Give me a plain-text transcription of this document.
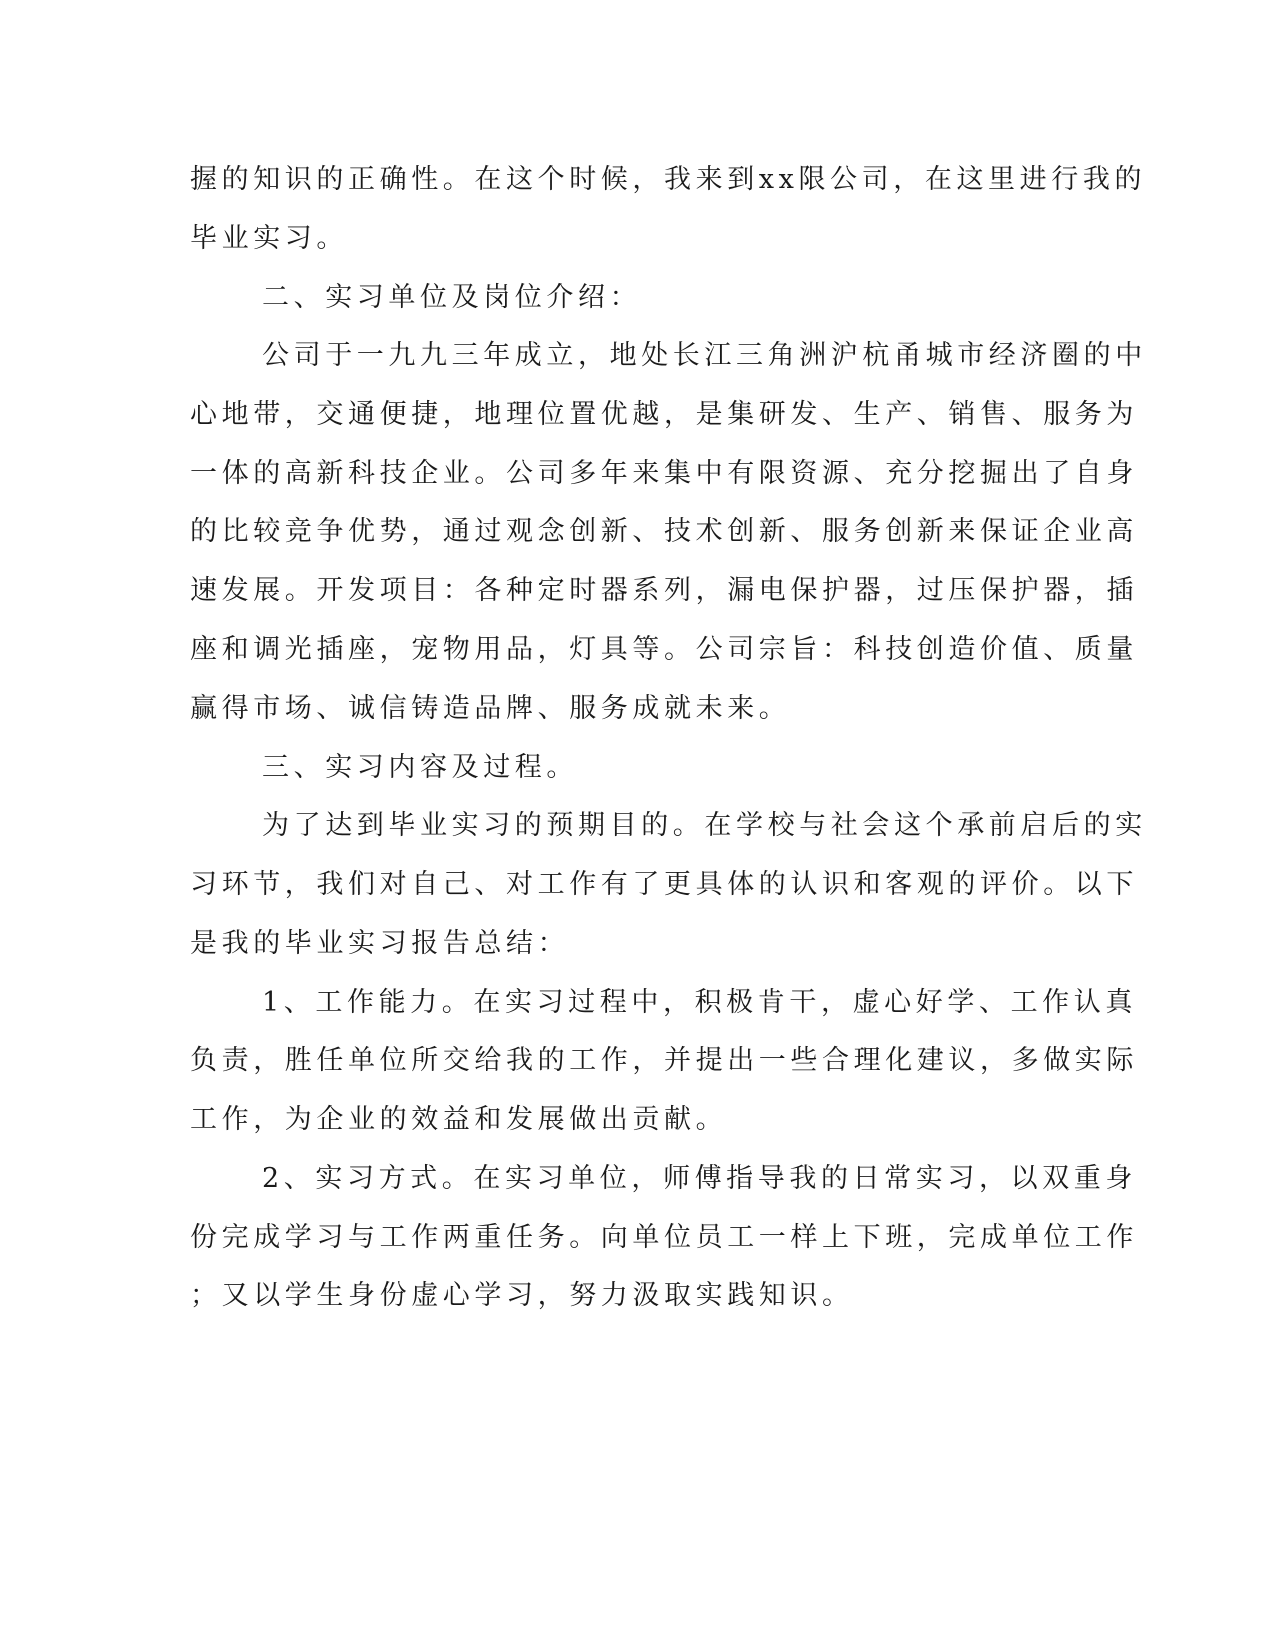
握的知识的正确性。在这个时候，我来到xx限公司，在这里进行我的
毕业实习。
二、实习单位及岗位介绍：
公司于一九九三年成立，地处长江三角洲沪杭甬城市经济圈的中
心地带，交通便捷，地理位置优越，是集研发、生产、销售、服务为
一体的高新科技企业。公司多年来集中有限资源、充分挖掘出了自身
的比较竞争优势，通过观念创新、技术创新、服务创新来保证企业高
速发展。开发项目：各种定时器系列，漏电保护器，过压保护器，插
座和调光插座，宠物用品，灯具等。公司宗旨：科技创造价值、质量
赢得市场、诚信铸造品牌、服务成就未来。
三、实习内容及过程。
为了达到毕业实习的预期目的。在学校与社会这个承前启后的实
习环节，我们对自己、对工作有了更具体的认识和客观的评价。以下
是我的毕业实习报告总结：
1、工作能力。在实习过程中，积极肯干，虚心好学、工作认真
负责，胜任单位所交给我的工作，并提出一些合理化建议，多做实际
工作，为企业的效益和发展做出贡献。
2、实习方式。在实习单位，师傅指导我的日常实习，以双重身
份完成学习与工作两重任务。向单位员工一样上下班，完成单位工作
；又以学生身份虚心学习，努力汲取实践知识。
